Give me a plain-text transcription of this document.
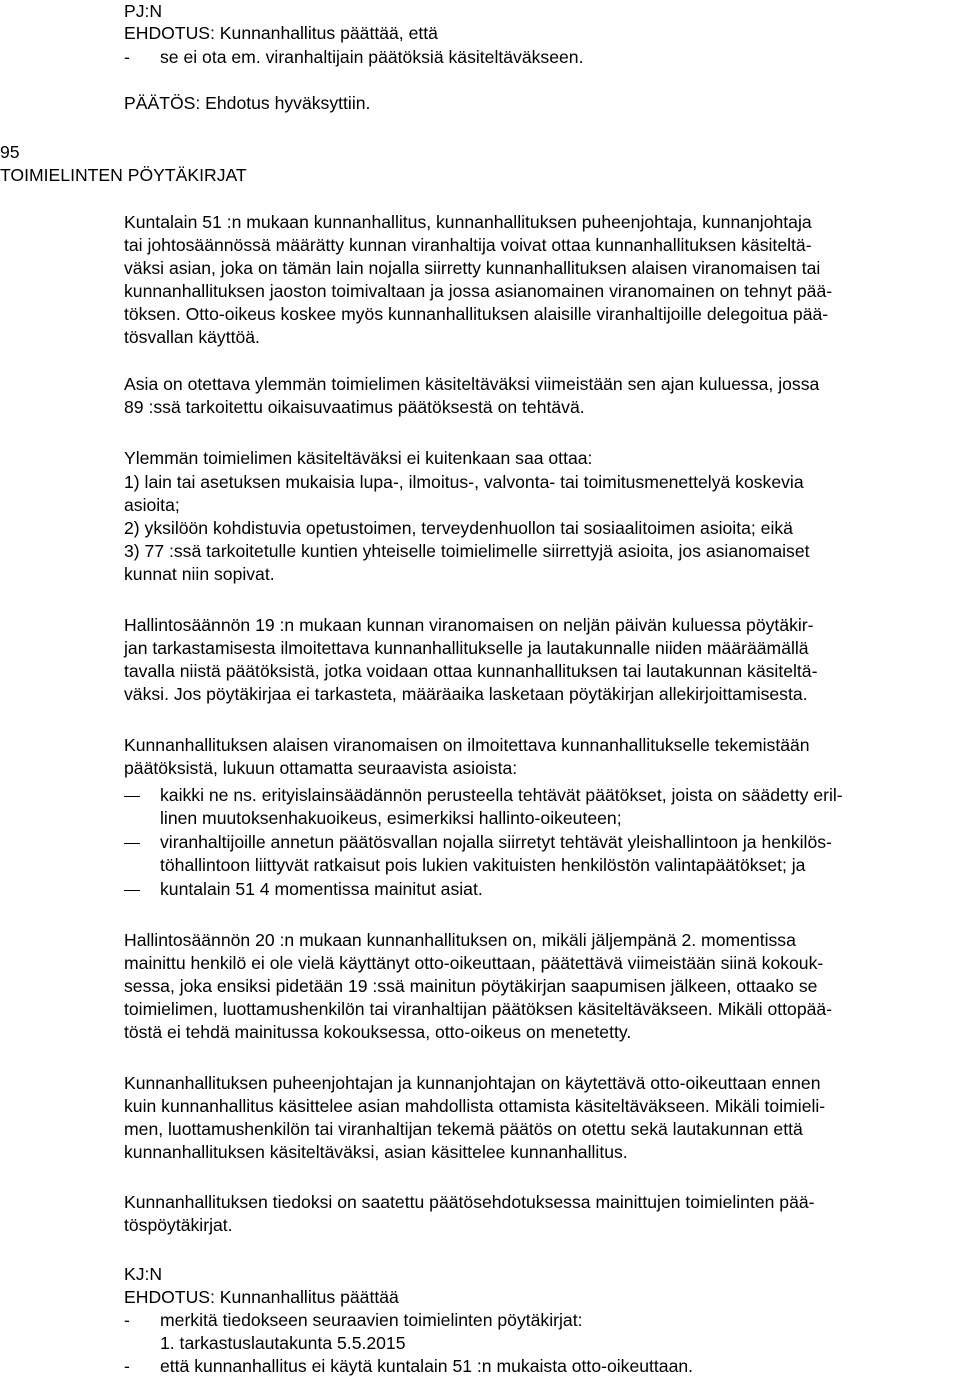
PJ:N
EHDOTUS: Kunnanhallitus päättää, että
- se ei ota em. viranhaltijain päätöksiä käsiteltäväkseen.
PÄÄTÖS: Ehdotus hyväksyttiin.
95
TOIMIELINTEN PÖYTÄKIRJAT
Kuntalain 51 :n mukaan kunnanhallitus, kunnanhallituksen puheenjohtaja, kunnanjohtaja
tai johtosäännössä määrätty kunnan viranhaltija voivat ottaa kunnanhallituksen käsiteltä-
väksi asian, joka on tämän lain nojalla siirretty kunnanhallituksen alaisen viranomaisen tai
kunnanhallituksen jaoston toimivaltaan ja jossa asianomainen viranomainen on tehnyt pää-
töksen. Otto-oikeus koskee myös kunnanhallituksen alaisille viranhaltijoille delegoitua pää-
tösvallan käyttöä.
Asia on otettava ylemmän toimielimen käsiteltäväksi viimeistään sen ajan kuluessa, jossa
89 :ssä tarkoitettu oikaisuvaatimus päätöksestä on tehtävä.
Ylemmän toimielimen käsiteltäväksi ei kuitenkaan saa ottaa:
1) lain tai asetuksen mukaisia lupa-, ilmoitus-, valvonta- tai toimitusmenettelyä koskevia
asioita;
2) yksilöön kohdistuvia opetustoimen, terveydenhuollon tai sosiaalitoimen asioita; eikä
3) 77 :ssä tarkoitetulle kuntien yhteiselle toimielimelle siirrettyjä asioita, jos asianomaiset
kunnat niin sopivat.
Hallintosäännön 19 :n mukaan kunnan viranomaisen on neljän päivän kuluessa pöytäkir-
jan tarkastamisesta ilmoitettava kunnanhallitukselle ja lautakunnalle niiden määräämällä
tavalla niistä päätöksistä, jotka voidaan ottaa kunnanhallituksen tai lautakunnan käsiteltä-
väksi. Jos pöytäkirjaa ei tarkasteta, määräaika lasketaan pöytäkirjan allekirjoittamisesta.
Kunnanhallituksen alaisen viranomaisen on ilmoitettava kunnanhallitukselle tekemistään
päätöksistä, lukuun ottamatta seuraavista asioista:
kaikki ne ns. erityislainsäädännön perusteella tehtävät päätökset, joista on säädetty eril-
linen muutoksenhakuoikeus, esimerkiksi hallinto-oikeuteen;
viranhaltijoille annetun päätösvallan nojalla siirretyt tehtävät yleishallintoon ja henkilös-
töhallintoon liittyvät ratkaisut pois lukien vakituisten henkilöstön valintapäätökset; ja
kuntalain 51 4 momentissa mainitut asiat.
Hallintosäännön 20 :n mukaan kunnanhallituksen on, mikäli jäljempänä 2. momentissa
mainittu henkilö ei ole vielä käyttänyt otto-oikeuttaan, päätettävä viimeistään siinä kokouk-
sessa, joka ensiksi pidetään 19 :ssä mainitun pöytäkirjan saapumisen jälkeen, ottaako se
toimielimen, luottamushenkilön tai viranhaltijan päätöksen käsiteltäväkseen. Mikäli ottopää-
töstä ei tehdä mainitussa kokouksessa, otto-oikeus on menetetty.
Kunnanhallituksen puheenjohtajan ja kunnanjohtajan on käytettävä otto-oikeuttaan ennen
kuin kunnanhallitus käsittelee asian mahdollista ottamista käsiteltäväkseen. Mikäli toimieli-
men, luottamushenkilön tai viranhaltijan tekemä päätös on otettu sekä lautakunnan että
kunnanhallituksen käsiteltäväksi, asian käsittelee kunnanhallitus.
Kunnanhallituksen tiedoksi on saatettu päätösehdotuksessa mainittujen toimielinten pää-
töspöytäkirjat.
KJ:N
EHDOTUS: Kunnanhallitus päättää
- merkitä tiedokseen seuraavien toimielinten pöytäkirjat:
1. tarkastuslautakunta 5.5.2015
- että kunnanhallitus ei käytä kuntalain 51 :n mukaista otto-oikeuttaan.
